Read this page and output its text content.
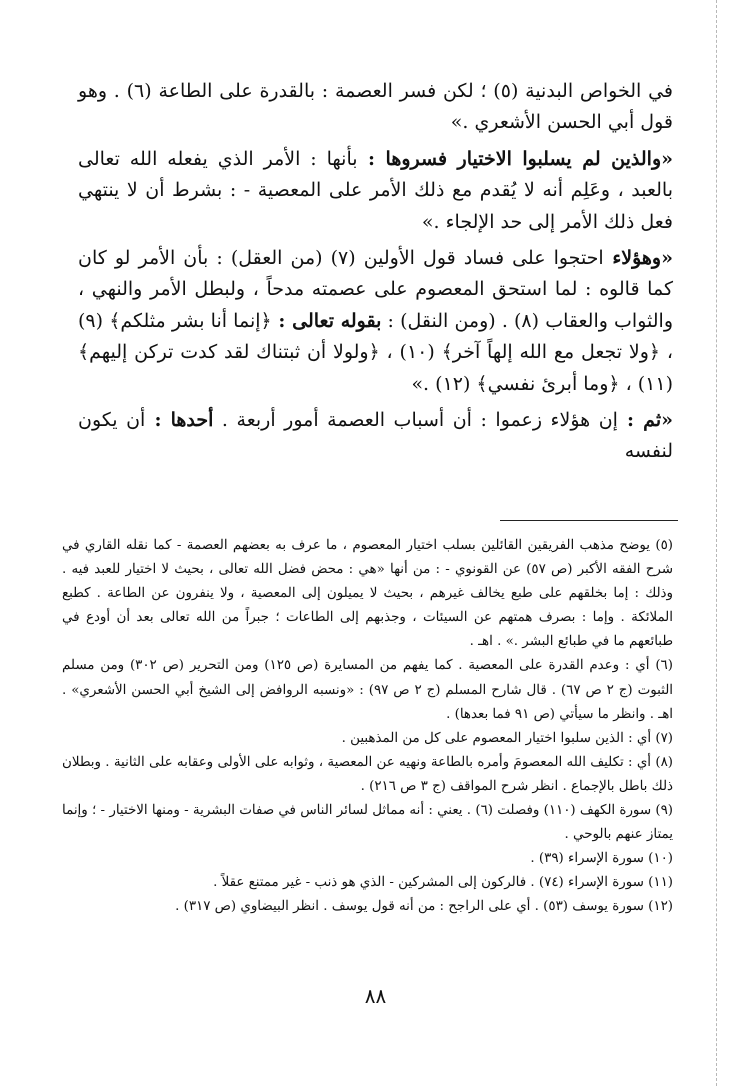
في الخواص البدنية (٥) ؛ لكن فسر العصمة : بالقدرة على الطاعة (٦) . وهو قول أبي الحسن الأشعري .»

«والذين لم يسلبوا الاختيار فسروها : بأنها : الأمر الذي يفعله الله تعالى بالعبد ، وعَلِم أنه لا يُقدم مع ذلك الأمر على المعصية - : بشرط أن لا ينتهي فعل ذلك الأمر إلى حد الإلجاء .»

«وهؤلاء احتجوا على فساد قول الأولين (٧) (من العقل) : بأن الأمر لو كان كما قالوه : لما استحق المعصوم على عصمته مدحاً ، ولبطل الأمر والنهي ، والثواب والعقاب (٨) . (ومن النقل) : بقوله تعالى : ﴿إنما أنا بشر مثلكم﴾ (٩) ، ﴿ولا تجعل مع الله إلهاً آخر﴾ (١٠) ، ﴿ولولا أن ثبتناك لقد كدت تركن إليهم﴾ (١١) ، ﴿وما أبرئ نفسي﴾ (١٢) .»

«ثم : إن هؤلاء زعموا : أن أسباب العصمة أمور أربعة . أحدها : أن يكون لنفسه

(٥) يوضح مذهب الفريقين القائلين بسلب اختيار المعصوم ، ما عرف به بعضهم العصمة - كما نقله القاري في شرح الفقه الأكبر (ص ٥٧) عن القونوي - : من أنها «هي : محض فضل الله تعالى ، بحيث لا اختيار للعبد فيه . وذلك : إما بخلقهم على طبع يخالف غيرهم ، بحيث لا يميلون إلى المعصية ، ولا ينفرون عن الطاعة . كطبع الملائكة . وإما : بصرف همتهم عن السيئات ، وجذبهم إلى الطاعات ؛ جبراً من الله تعالى بعد أن أودع في طبائعهم ما في طبائع البشر .» . اهـ .

(٦) أي : وعدم القدرة على المعصية . كما يفهم من المسايرة (ص ١٢٥) ومن التحرير (ص ٣٠٢) ومن مسلم الثبوت (ج ٢ ص ٦٧) . قال شارح المسلم (ج ٢ ص ٩٧) : «ونسبه الروافض إلى الشيخ أبي الحسن الأشعري» . اهـ . وانظر ما سيأتي (ص ٩١ فما بعدها) .

(٧) أي : الذين سلبوا اختيار المعصوم على كل من المذهبين .

(٨) أي : تكليف الله المعصومَ وأمره بالطاعة ونهيه عن المعصية ، وثوابه على الأولى وعقابه على الثانية . وبطلان ذلك باطل بالإجماع . انظر شرح المواقف (ج ٣ ص ٢١٦) .

(٩) سورة الكهف (١١٠) وفصلت (٦) . يعني : أنه مماثل لسائر الناس في صفات البشرية - ومنها الاختيار - ؛ وإنما يمتاز عنهم بالوحي .

(١٠) سورة الإسراء (٣٩) .

(١١) سورة الإسراء (٧٤) . فالركون إلى المشركين - الذي هو ذنب - غير ممتنع عقلاً .

(١٢) سورة يوسف (٥٣) . أي على الراجح : من أنه قول يوسف . انظر البيضاوي (ص ٣١٧) .

٨٨
